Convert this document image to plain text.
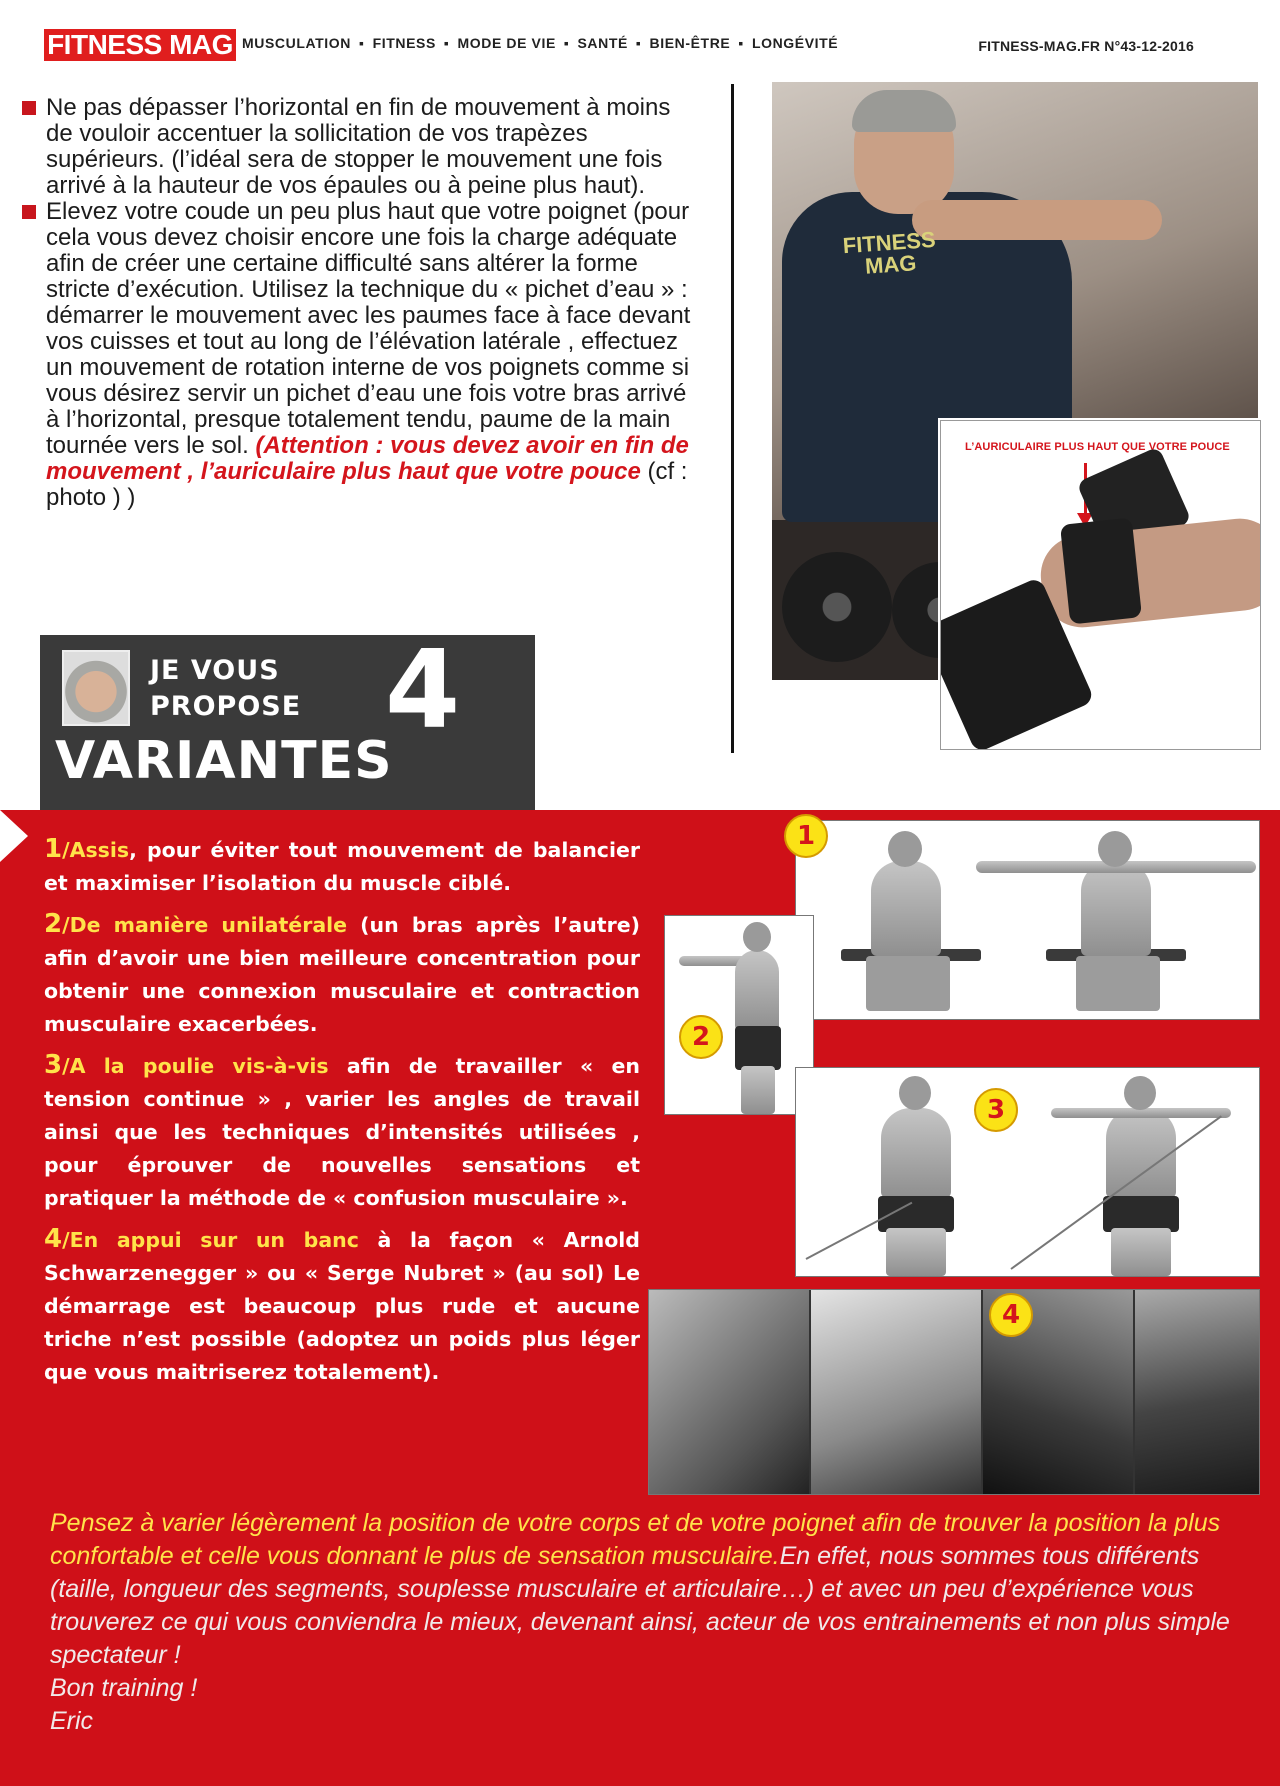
FITNESS MAG MUSCULATION ▪ FITNESS ▪ MODE DE VIE ▪ SANTÉ ▪ BIEN-ÊTRE ▪ LONGÉVITÉ	FITNESS-MAG.FR N°43-12-2016

Ne pas dépasser l’horizontal en fin de mouvement à moins de vouloir accentuer la sollicitation de vos trapèzes supérieurs. (l’idéal sera de stopper le mouvement une fois arrivé à la hauteur de vos épaules ou à peine plus haut).

Elevez votre coude un peu plus haut que votre poignet (pour cela vous devez choisir encore une fois la charge adéquate afin de créer une certaine difficulté sans altérer la forme stricte d’exécution. Utilisez la technique du « pichet d’eau » : démarrer le mouvement avec les paumes face à face devant vos cuisses et tout au long de l’élévation latérale , effectuez un mouvement de rotation interne de vos poignets comme si vous désirez servir un pichet d’eau une fois votre bras arrivé à l’horizontal, presque totalement tendu, paume de la main tournée vers le sol. (Attention : vous devez avoir en fin de mouvement , l’auriculaire plus haut que votre pouce (cf : photo ) )

FITNESS MAG
L’AURICULAIRE PLUS HAUT QUE VOTRE POUCE
JE VOUS
PROPOSE 4
VARIANTES

1/Assis, pour éviter tout mouvement de balancier et maximiser l’isolation du muscle ciblé.

2/De manière unilatérale (un bras après l’autre) afin d’avoir une bien meilleure concentration pour obtenir une connexion musculaire et contraction musculaire exacerbées.

3/A la poulie vis-à-vis afin de travailler « en tension continue » , varier les angles de travail ainsi que les techniques d’intensités utilisées , pour éprouver de nouvelles sensations et pratiquer la méthode de « confusion musculaire ».

4/En appui sur un banc à la façon « Arnold Schwarzenegger » ou « Serge Nubret » (au sol) Le démarrage est beaucoup plus rude et aucune triche n’est possible (adoptez un poids plus léger que vous maitriserez totalement).

1
2
3
4

Pensez à varier légèrement la position de votre corps et de votre poignet afin de trouver la position la plus confortable et celle vous donnant le plus de sensation musculaire.En effet, nous sommes tous différents (taille, longueur des segments, souplesse musculaire et articulaire…) et avec un peu d’expérience vous trouverez ce qui vous conviendra le mieux, devenant ainsi, acteur de vos entrainements et non plus simple spectateur !

Bon training !

Eric
